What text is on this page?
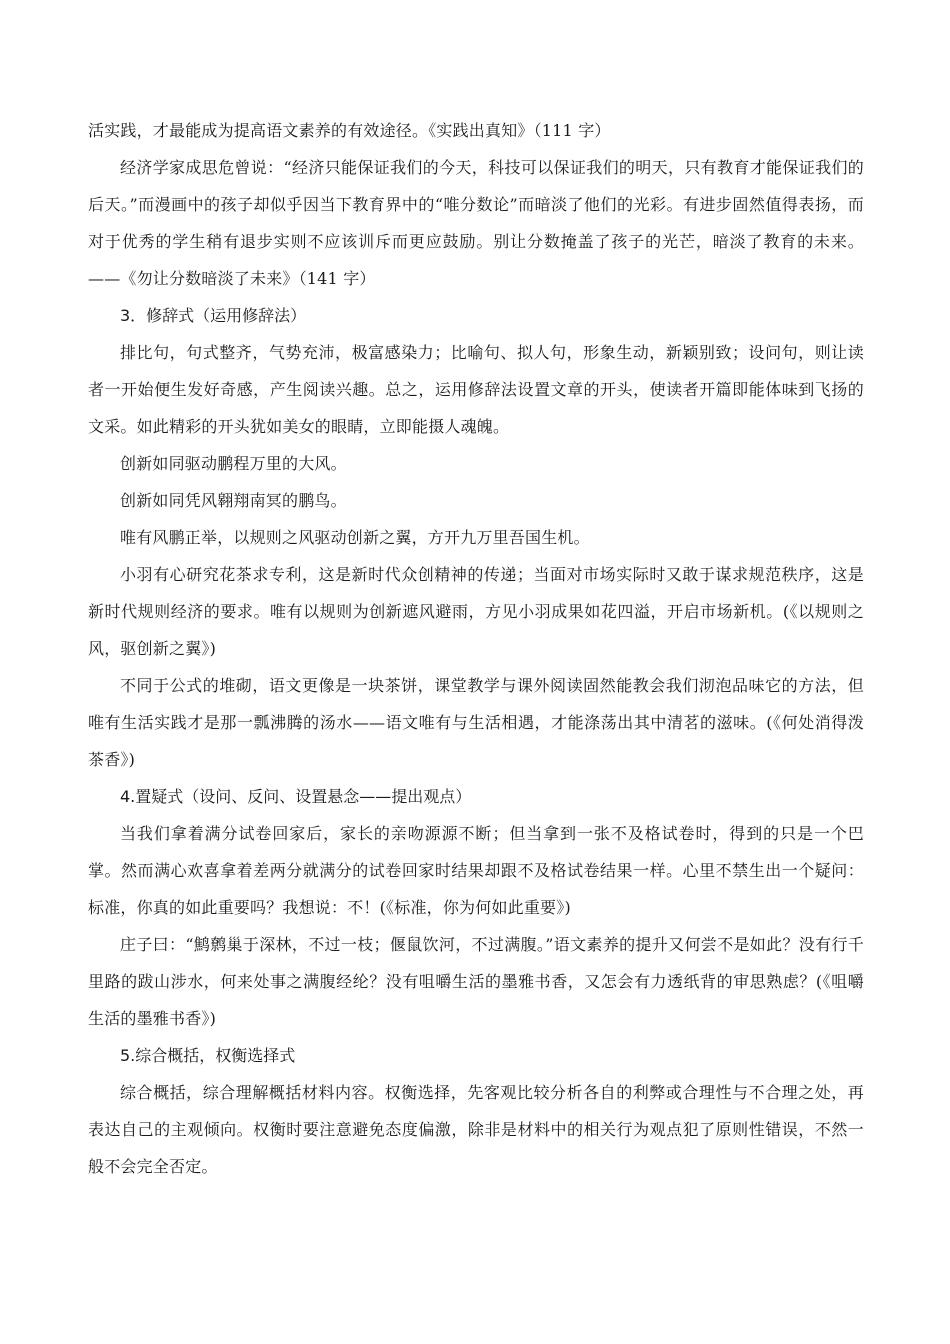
活实践，才最能成为提高语文素养的有效途径。《实践出真知》（111 字）

经济学家成思危曾说：“经济只能保证我们的今天，科技可以保证我们的明天，只有教育才能保证我们的后天。”而漫画中的孩子却似乎因当下教育界中的“唯分数论”而暗淡了他们的光彩。有进步固然值得表扬，而对于优秀的学生稍有退步实则不应该训斥而更应鼓励。别让分数掩盖了孩子的光芒，暗淡了教育的未来。——《勿让分数暗淡了未来》（141 字）

3．修辞式（运用修辞法）

排比句，句式整齐，气势充沛，极富感染力；比喻句、拟人句，形象生动，新颖别致；设问句，则让读者一开始便生发好奇感，产生阅读兴趣。总之，运用修辞法设置文章的开头，使读者开篇即能体味到飞扬的文采。如此精彩的开头犹如美女的眼睛，立即能摄人魂魄。

创新如同驱动鹏程万里的大风。

创新如同凭风翱翔南冥的鹏鸟。

唯有风鹏正举，以规则之风驱动创新之翼，方开九万里吾国生机。

小羽有心研究花茶求专利，这是新时代众创精神的传递；当面对市场实际时又敢于谋求规范秩序，这是新时代规则经济的要求。唯有以规则为创新遮风避雨，方见小羽成果如花四溢，开启市场新机。(《以规则之风，驱创新之翼》)

不同于公式的堆砌，语文更像是一块茶饼，课堂教学与课外阅读固然能教会我们沏泡品味它的方法，但唯有生活实践才是那一瓢沸腾的汤水——语文唯有与生活相遇，才能涤荡出其中清茗的滋味。(《何处消得泼茶香》)

4.置疑式（设问、反问、设置悬念——提出观点）

当我们拿着满分试卷回家后，家长的亲吻源源不断；但当拿到一张不及格试卷时，得到的只是一个巴掌。然而满心欢喜拿着差两分就满分的试卷回家时结果却跟不及格试卷结果一样。心里不禁生出一个疑问：标准，你真的如此重要吗？我想说：不！(《标准，你为何如此重要》)

庄子曰：“鹪鹩巢于深林，不过一枝；偃鼠饮河，不过满腹。”语文素养的提升又何尝不是如此？没有行千里路的跋山涉水，何来处事之满腹经纶？没有咀嚼生活的墨雅书香，又怎会有力透纸背的审思熟虑？(《咀嚼生活的墨雅书香》)

5.综合概括，权衡选择式

综合概括，综合理解概括材料内容。权衡选择，先客观比较分析各自的利弊或合理性与不合理之处，再表达自己的主观倾向。权衡时要注意避免态度偏激，除非是材料中的相关行为观点犯了原则性错误，不然一般不会完全否定。
